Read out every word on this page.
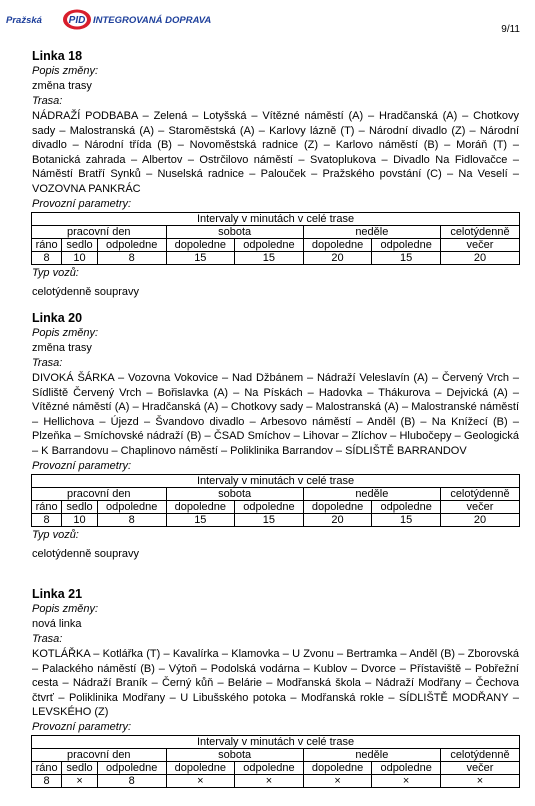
Pražská	PID INTEGROVANÁ DOPRAVA
9/11
Linka 18
Popis změny:
změna trasy
Trasa:
NÁDRAŽÍ PODBABA – Zelená – Lotyšská – Vítězné náměstí (A) – Hradčanská (A) – Chotkovy sady – Malostranská (A) – Staroměstská (A) – Karlovy lázně (T) – Národní divadlo (Z) – Národní divadlo – Národní třída (B) – Novoměstská radnice (Z) – Karlovo náměstí (B) – Moráň (T) – Botanická zahrada – Albertov – Ostrčilovo náměstí – Svatoplukova – Divadlo Na Fidlovačce – Náměstí Bratří Synků – Nuselská radnice – Palouček – Pražského povstání (C) – Na Veselí – VOZOVNA PANKRÁC
Provozní parametry:
Intervaly v minutách v celé trase							
pracovní den			sobota		neděle		celotýdenně
ráno	sedlo	odpoledne	dopoledne	odpoledne	dopoledne	odpoledne	večer
8	10	8	15	15	20	15	20
Typ vozů:
celotýdenně soupravy
Linka 20
Popis změny:
změna trasy
Trasa:
DIVOKÁ ŠÁRKA – Vozovna Vokovice – Nad Džbánem – Nádraží Veleslavín (A) – Červený Vrch – Sídliště Červený Vrch – Bořislavka (A) – Na Pískách – Hadovka – Thákurova – Dejvická (A) – Vítězné náměstí (A) – Hradčanská (A) – Chotkovy sady – Malostranská (A) – Malostranské náměstí – Hellichova – Újezd – Švandovo divadlo – Arbesovo náměstí – Anděl (B) – Na Knížecí (B) – Plzeňka – Smíchovské nádraží (B) – ČSAD Smíchov – Lihovar – Zlíchov – Hlubočepy – Geologická – K Barrandovu – Chaplinovo náměstí – Poliklinika Barrandov – SÍDLIŠTĚ BARRANDOV
Provozní parametry:
Intervaly v minutách v celé trase							
pracovní den			sobota		neděle		celotýdenně
ráno	sedlo	odpoledne	dopoledne	odpoledne	dopoledne	odpoledne	večer
8	10	8	15	15	20	15	20
Typ vozů:
celotýdenně soupravy
Linka 21
Popis změny:
nová linka
Trasa:
KOTLÁŘKA – Kotlářka (T) – Kavalírka – Klamovka – U Zvonu – Bertramka – Anděl (B) – Zborovská – Palackého náměstí (B) – Výtoň – Podolská vodárna – Kublov – Dvorce – Přístaviště – Pobřežní cesta – Nádraží Braník – Černý kůň – Belárie – Modřanská škola – Nádraží Modřany – Čechova čtvrť – Poliklinika Modřany – U Libušského potoka – Modřanská rokle – SÍDLIŠTĚ MODŘANY – LEVSKÉHO (Z)
Provozní parametry:
Intervaly v minutách v celé trase							
pracovní den			sobota		neděle		celotýdenně
ráno	sedlo	odpoledne	dopoledne	odpoledne	dopoledne	odpoledne	večer
8	×	8	×	×	×	×	×
